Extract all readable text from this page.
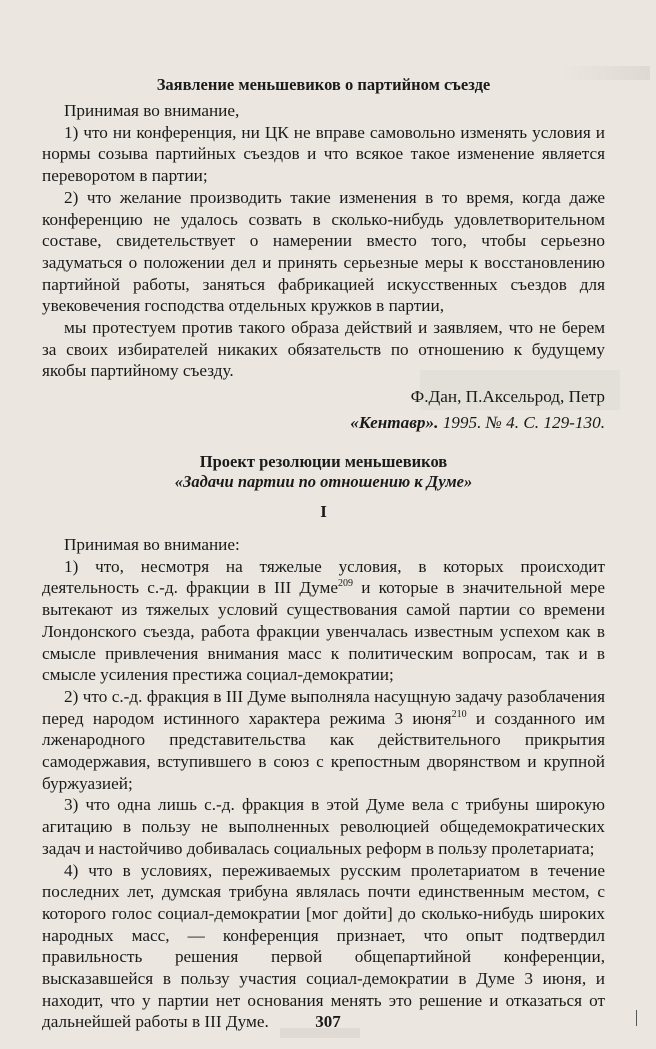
Заявление меньшевиков о партийном съезде

Принимая во внимание,

1) что ни конференция, ни ЦК не вправе самовольно изменять условия и нормы созыва партийных съездов и что всякое такое изменение является переворотом в партии;

2) что желание производить такие изменения в то время, когда даже конференцию не удалось созвать в сколько-нибудь удовлетворительном составе, свидетельствует о намерении вместо того, чтобы серьезно задуматься о положении дел и принять серьезные меры к восстановлению партийной работы, заняться фабрикацией искусственных съездов для увековечения господства отдельных кружков в партии,

мы протестуем против такого образа действий и заявляем, что не берем за своих избирателей никаких обязательств по отношению к будущему якобы партийному съезду.

Ф.Дан, П.Аксельрод, Петр

«Кентавр». 1995. № 4. С. 129-130.

Проект резолюции меньшевиков
«Задачи партии по отношению к Думе»
I

Принимая во внимание:

1) что, несмотря на тяжелые условия, в которых происходит деятельность с.-д. фракции в III Думе$^{209}$ и которые в значительной мере вытекают из тяжелых условий существования самой партии со времени Лондонского съезда, работа фракции увенчалась известным успехом как в смысле привлечения внимания масс к политическим вопросам, так и в смысле усиления престижа социал-демократии;

2) что с.-д. фракция в III Думе выполняла насущную задачу разоблачения перед народом истинного характера режима 3 июня$^{210}$ и созданного им лженародного представительства как действительного прикрытия самодержавия, вступившего в союз с крепостным дворянством и крупной буржуазией;

3) что одна лишь с.-д. фракция в этой Думе вела с трибуны широкую агитацию в пользу не выполненных революцией общедемократических задач и настойчиво добивалась социальных реформ в пользу пролетариата;

4) что в условиях, переживаемых русским пролетариатом в течение последних лет, думская трибуна являлась почти единственным местом, с которого голос социал-демократии [мог дойти] до сколько-нибудь широких народных масс, — конференция признает, что опыт подтвердил правильность решения первой общепартийной конференции, высказавшейся в пользу участия социал-демократии в Думе 3 июня, и находит, что у партии нет основания менять это решение и отказаться от дальнейшей работы в III Думе.	307
